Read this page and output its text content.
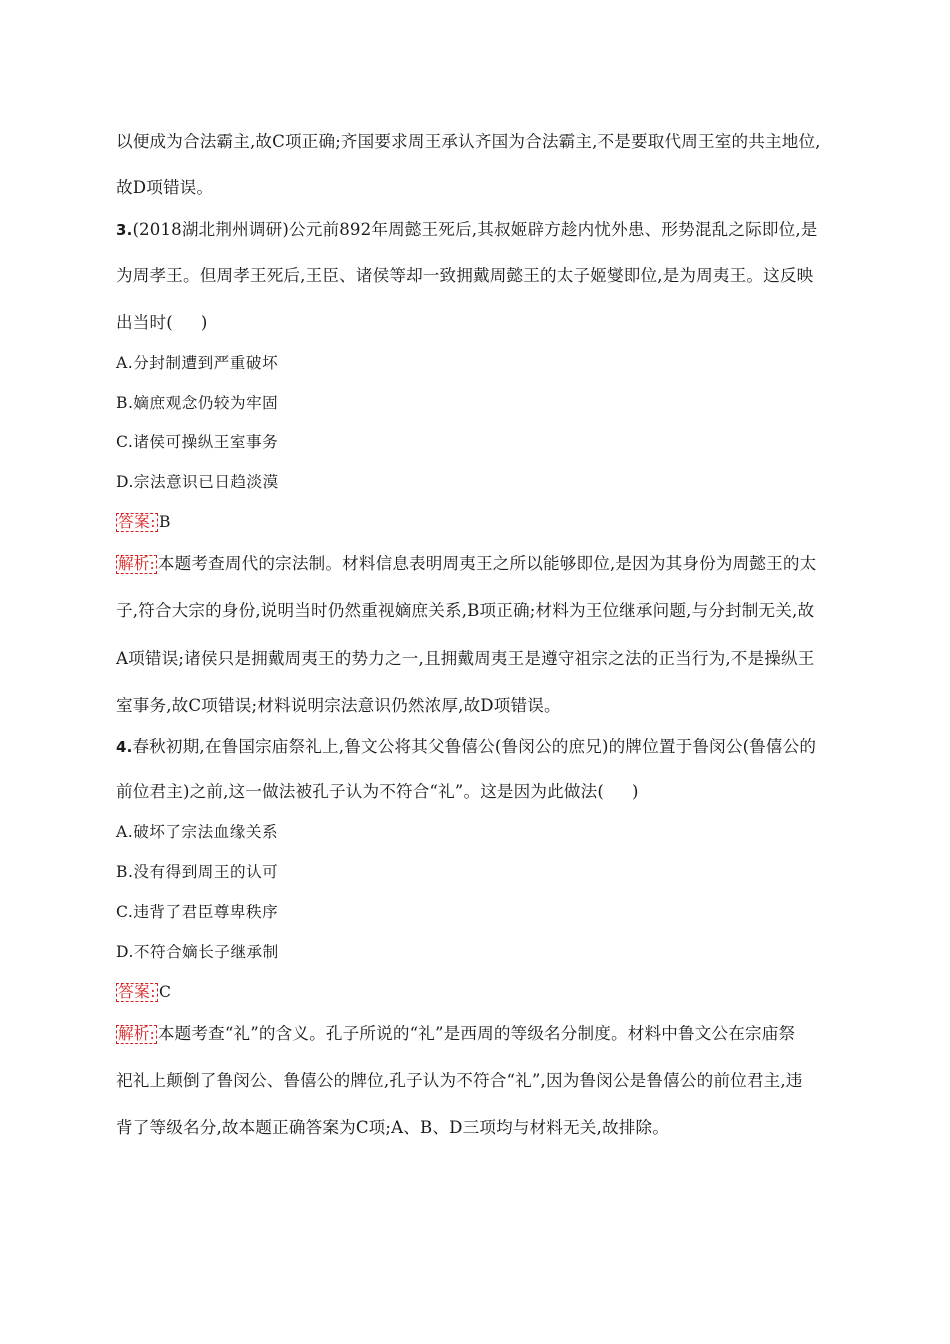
以便成为合法霸主,故C项正确;齐国要求周王承认齐国为合法霸主,不是要取代周王室的共主地位,
故D项错误。
3.(2018湖北荆州调研)公元前892年周懿王死后,其叔姬辟方趁内忧外患、形势混乱之际即位,是
为周孝王。但周孝王死后,王臣、诸侯等却一致拥戴周懿王的太子姬燮即位,是为周夷王。这反映
出当时( )
A.分封制遭到严重破坏
B.嫡庶观念仍较为牢固
C.诸侯可操纵王室事务
D.宗法意识已日趋淡漠
答案: B
解析: 本题考查周代的宗法制。材料信息表明周夷王之所以能够即位,是因为其身份为周懿王的太
子,符合大宗的身份,说明当时仍然重视嫡庶关系,B项正确;材料为王位继承问题,与分封制无关,故
A项错误;诸侯只是拥戴周夷王的势力之一,且拥戴周夷王是遵守祖宗之法的正当行为,不是操纵王
室事务,故C项错误;材料说明宗法意识仍然浓厚,故D项错误。
4.春秋初期,在鲁国宗庙祭礼上,鲁文公将其父鲁僖公(鲁闵公的庶兄)的牌位置于鲁闵公(鲁僖公的
前位君主)之前,这一做法被孔子认为不符合“礼”。这是因为此做法( )
A.破坏了宗法血缘关系
B.没有得到周王的认可
C.违背了君臣尊卑秩序
D.不符合嫡长子继承制
答案: C
解析: 本题考查“礼”的含义。孔子所说的“礼”是西周的等级名分制度。材料中鲁文公在宗庙祭
祀礼上颠倒了鲁闵公、鲁僖公的牌位,孔子认为不符合“礼”,因为鲁闵公是鲁僖公的前位君主,违
背了等级名分,故本题正确答案为C项;A、B、D三项均与材料无关,故排除。
